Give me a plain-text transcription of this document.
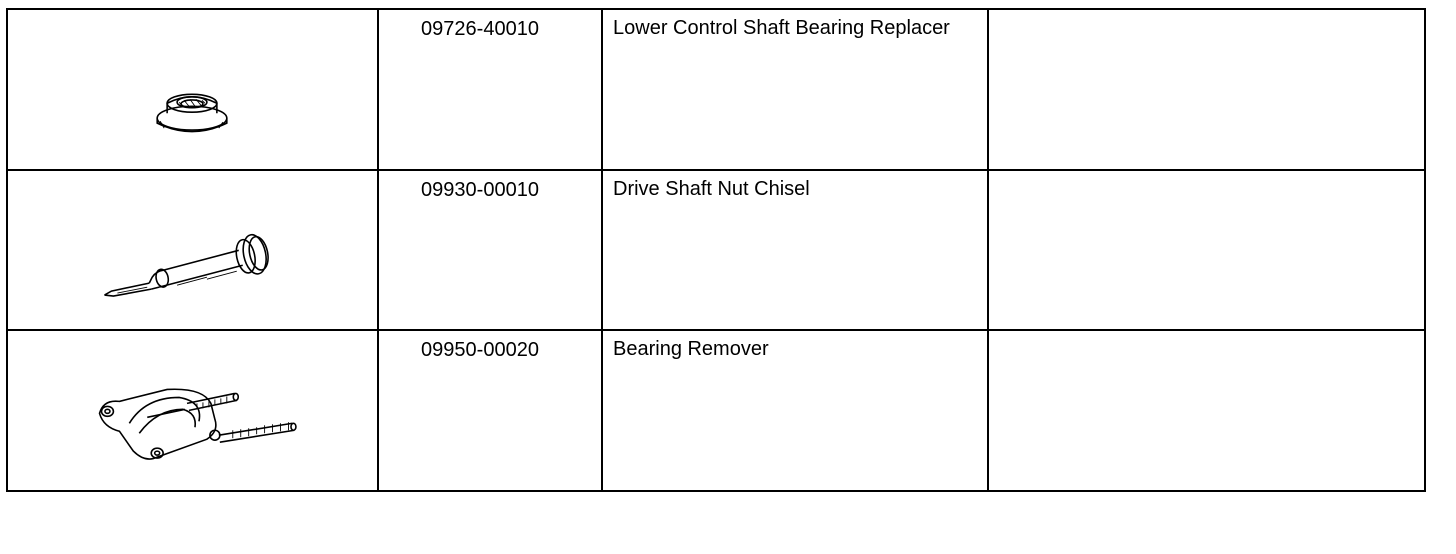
09726-40010	Lower Control Shaft Bearing Replacer	

09930-00010	Drive Shaft Nut Chisel	

09950-00020	Bearing Remover	
